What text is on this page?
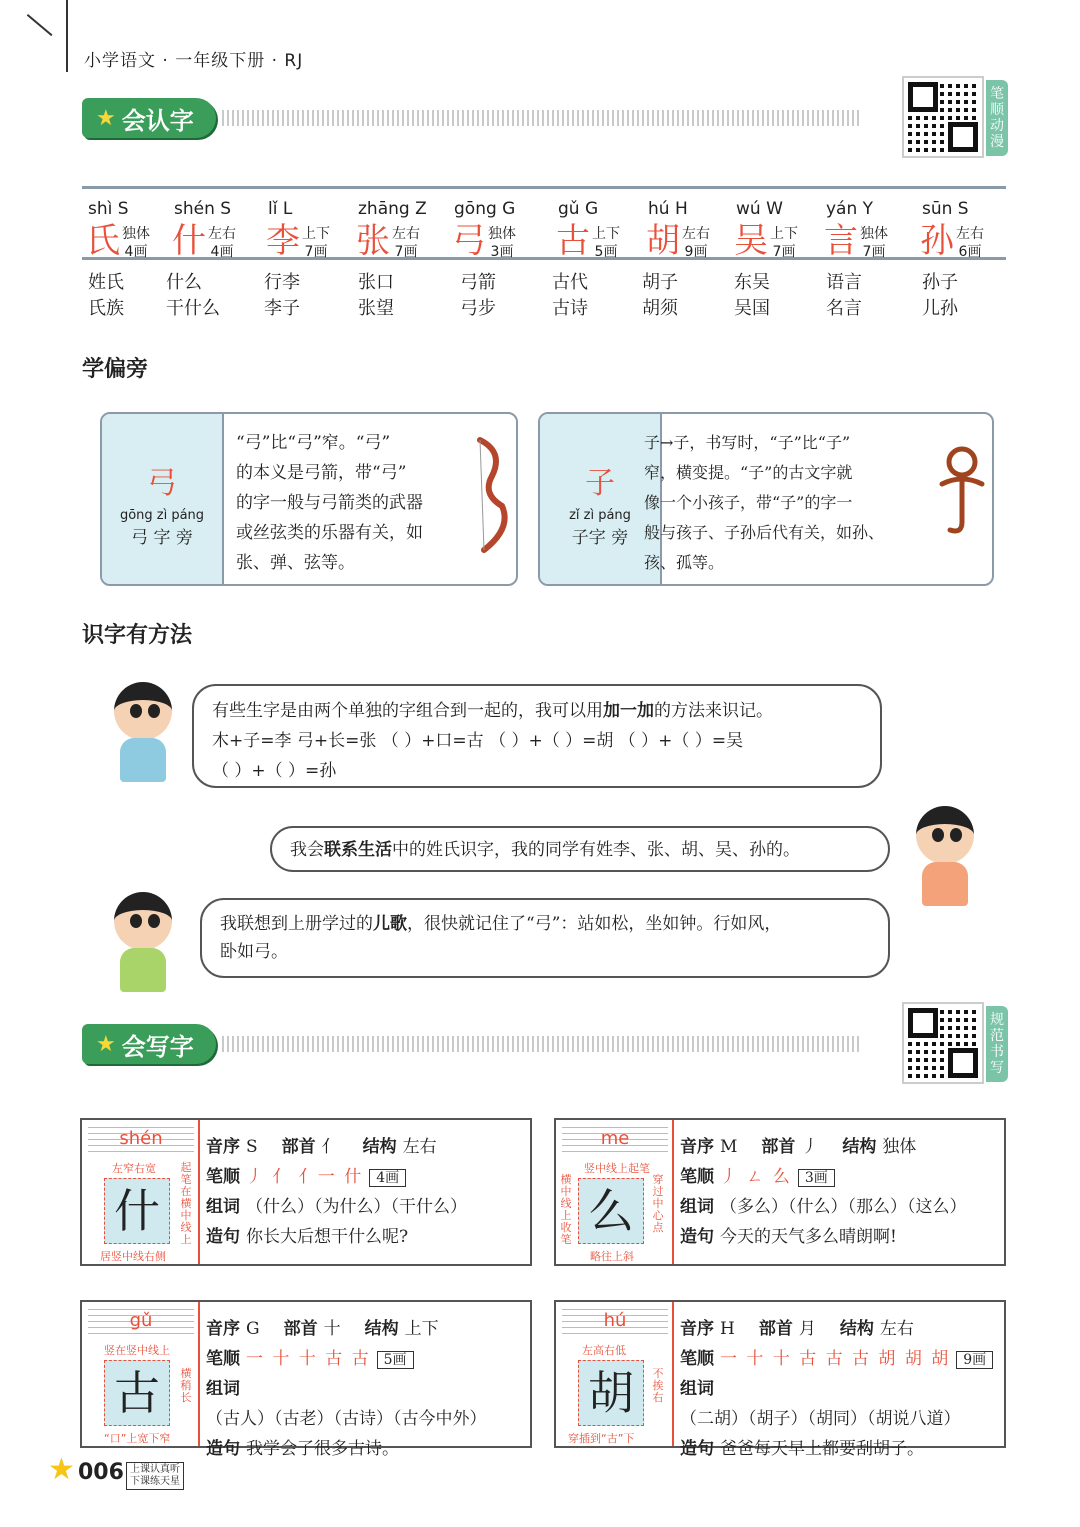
小学语文 · 一年级下册 · RJ
★ 会认字
笔顺动漫
shì S
氏 独体
4画
shén S
什 左右
4画
lǐ L
李 上下
7画
zhāng Z
张 左右
7画
gōng G
弓 独体
3画
gǔ G
古 上下
5画
hú H
胡 左右
9画
wú W
吴 上下
7画
yán Y
言 独体
7画
sūn S
孙 左右
6画
姓氏
氏族
什么
干什么
行李
李子
张口
张望
弓箭
弓步
古代
古诗
胡子
胡须
东吴
吴国
语言
名言
孙子
儿孙
学偏旁
弓
gōng zì páng
弓 字 旁
“弓”比“弓”窄。“弓”
的本义是弓箭，带“弓”
的字一般与弓箭类的武器
或丝弦类的乐器有关，如
张、弹、弦等。
子
zǐ zì páng
子字 旁
子→子，书写时，“子”比“子”
窄，横变提。“子”的古文字就
像一个小孩子，带“子”的字一
般与孩子、子孙后代有关，如孙、
孩、孤等。
识字有方法
有些生字是由两个单独的字组合到一起的，我可以用加一加的方法来识记。
木+子=李 弓+长=张 （ ）+口=古 （ ）+（ ）=胡 （ ）+（ ）=吴
（ ）+（ ）=孙
我会联系生活中的姓氏识字，我的同学有姓李、张、胡、吴、孙的。
我联想到上册学过的儿歌，很快就记住了“弓”：站如松，坐如钟。行如风，
卧如弓。
★ 会写字
规范书写
shén
左窄右宽
什
起笔在横中线上
居竖中线右侧
音序 S 部首 亻 结构 左右
笔顺 丿 亻 亻一 什 4画
组词 （什么）（为什么）（干什么）
造句 你长大后想干什么呢?
me
竖中线上起笔
横中线上收笔
么
穿过中心点
略往上斜
音序 M 部首 丿 结构 独体
笔顺 丿 ㄥ 么 3画
组词 （多么）（什么）（那么）（这么）
造句 今天的天气多么晴朗啊!
gǔ
竖在竖中线上
古	横稍长
“口”上宽下窄
音序 G 部首 十 结构 上下
笔顺 一 十 十 古 古 5画
组词（古人）（古老）（古诗）（古今中外）
造句 我学会了很多古诗。
hú
左高右低
胡	不挨右
穿插到“古”下
音序 H 部首 月 结构 左右
笔顺 一 十 十 古 古 古 胡 胡 胡 9画
组词（二胡）（胡子）（胡同）（胡说八道）
造句 爸爸每天早上都要刮胡子。
★ 006 上课认真听
下课练天星
